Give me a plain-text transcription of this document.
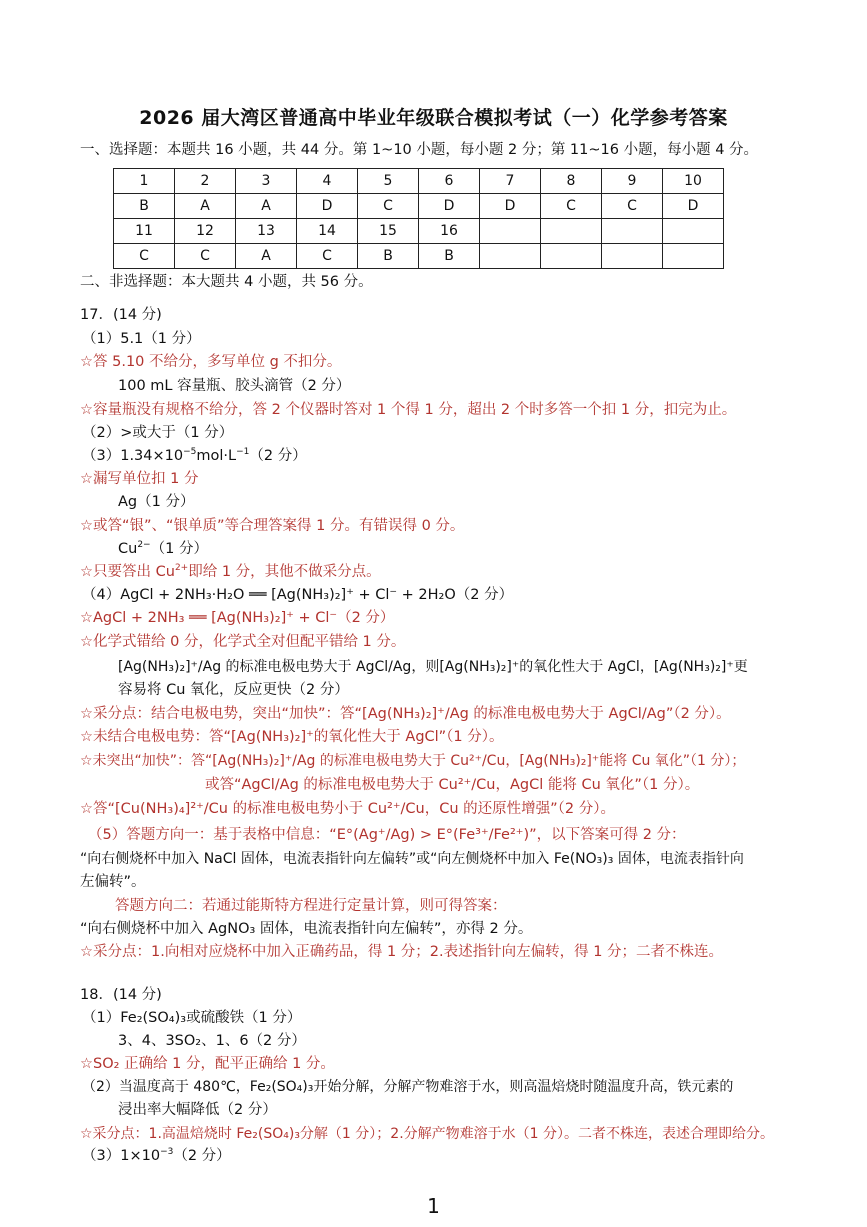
2026 届大湾区普通高中毕业年级联合模拟考试（一）化学参考答案
一、选择题：本题共 16 小题，共 44 分。第 1~10 小题，每小题 2 分；第 11~16 小题，每小题 4 分。
1	2	3	4	5	6	7	8	9	10
B	A	A	D	C	D	D	C	C	D
11	12	13	14	15	16				
C	C	A	C	B	B				
二、非选择题：本大题共 4 小题，共 56 分。
17．(14 分)
（1）5.1（1 分）
☆答 5.10 不给分，多写单位 g 不扣分。
100 mL 容量瓶、胶头滴管（2 分）
☆容量瓶没有规格不给分，答 2 个仪器时答对 1 个得 1 分，超出 2 个时多答一个扣 1 分，扣完为止。
（2）>或大于（1 分）
$(3)1.34\times 10^{-5}mol\cdot L^{-1}(2$ 分）
☆漏写单位扣 1 分
Ag（1 分）
☆或答“银”、“银单质”等合理答案得 1 分。有错误得 0 分。
$Cu^{2-}(1$ 分）
☆只要答出 $Cu^{2+}$即给 1 分，其他不做采分点。
（4）AgCl + 2NH₃·H₂O ══ [Ag(NH₃)₂]⁺ + Cl⁻ + 2H₂O（2 分）
☆AgCl + 2NH₃ ══ [Ag(NH₃)₂]⁺ + Cl⁻（2 分）
☆化学式错给 0 分，化学式全对但配平错给 1 分。
[Ag(NH₃)₂]⁺/Ag 的标准电极电势大于 AgCl/Ag，则[Ag(NH₃)₂]⁺的氧化性大于 AgCl，[Ag(NH₃)₂]⁺更
容易将 Cu 氧化，反应更快（2 分）
☆采分点：结合电极电势，突出“加快”：答“[Ag(NH₃)₂]⁺/Ag 的标准电极电势大于 AgCl/Ag”（2 分）。
☆未结合电极电势：答“[Ag(NH₃)₂]⁺的氧化性大于 AgCl”（1 分）。
☆未突出“加快”：答“[Ag(NH₃)₂]⁺/Ag 的标准电极电势大于 Cu²⁺/Cu，[Ag(NH₃)₂]⁺能将 Cu 氧化”（1 分）；
或答“AgCl/Ag 的标准电极电势大于 Cu²⁺/Cu，AgCl 能将 Cu 氧化”（1 分）。
☆答“[Cu(NH₃)₄]²⁺/Cu 的标准电极电势小于 Cu²⁺/Cu，Cu 的还原性增强”（2 分）。
（5）答题方向一：基于表格中信息：“E°(Ag⁺/Ag) > E°(Fe³⁺/Fe²⁺)”，以下答案可得 2 分：
“向右侧烧杯中加入 NaCl 固体，电流表指针向左偏转”或“向左侧烧杯中加入 Fe(NO₃)₃ 固体，电流表指针向
左偏转”。
答题方向二：若通过能斯特方程进行定量计算，则可得答案：
“向右侧烧杯中加入 AgNO₃ 固体，电流表指针向左偏转”，亦得 2 分。
☆采分点：1.向相对应烧杯中加入正确药品，得 1 分；2.表述指针向左偏转，得 1 分；二者不株连。
18．(14 分)
（1）Fe₂(SO₄)₃或硫酸铁（1 分）
3、4、3SO₂、1、6（2 分）
☆SO₂ 正确给 1 分，配平正确给 1 分。
（2）当温度高于 480℃，Fe₂(SO₄)₃开始分解，分解产物难溶于水，则高温焙烧时随温度升高，铁元素的
浸出率大幅降低（2 分）
☆采分点：1.高温焙烧时 Fe₂(SO₄)₃分解（1 分）；2.分解产物难溶于水（1 分）。二者不株连，表述合理即给分。
$(3)1\times 10^{-3}(2$ 分）
1
